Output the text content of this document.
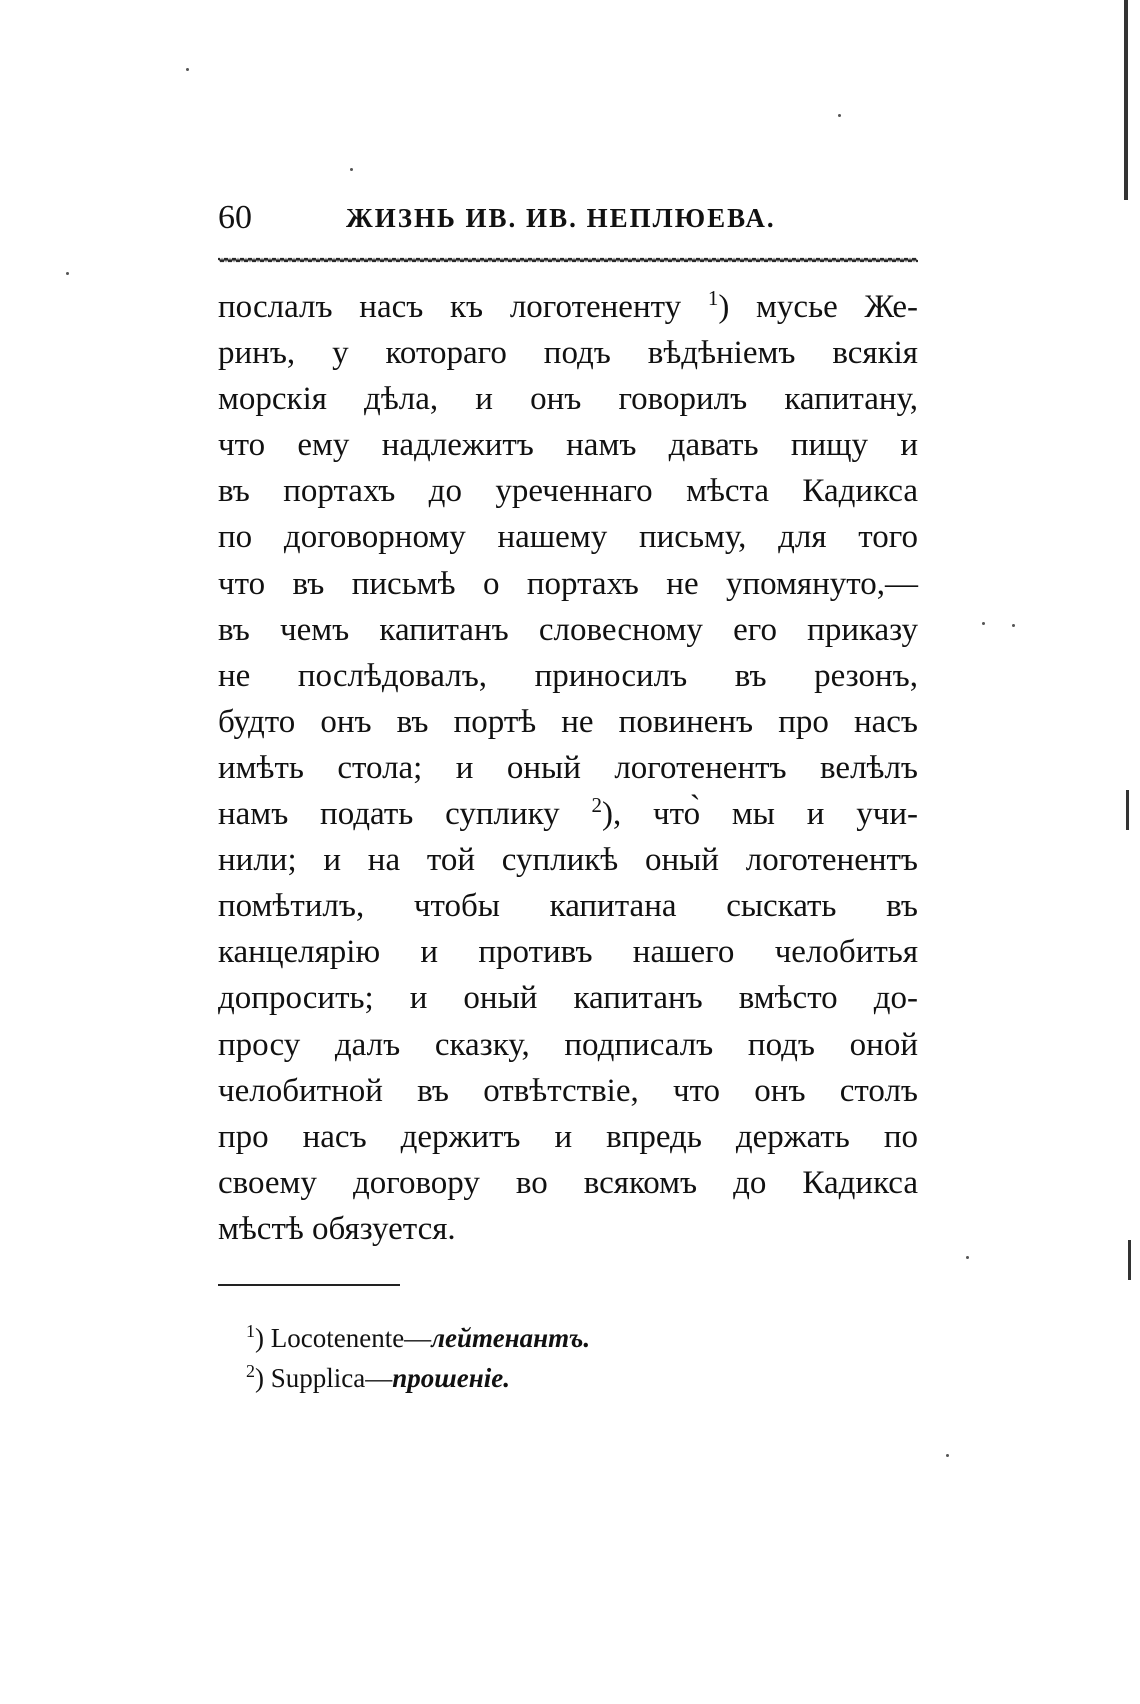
60	ЖИЗНЬ ИВ. ИВ. НЕПЛЮЕВА.
послалъ насъ къ логотененту $^1$) мусье Же-
ринъ, у котораго подъ вѣдѣніемъ всякія
морскія дѣла, и онъ говорилъ капитану,
что ему надлежитъ намъ давать пищу и
въ портахъ до уреченнаго мѣста Кадикса
по договорному нашему письму, для того
что въ письмѣ о портахъ не упомянуто,—
въ чемъ капитанъ словесному его приказу
не послѣдовалъ, приносилъ въ резонъ,
будто онъ въ портѣ не повиненъ про насъ
имѣть стола; и оный логотенентъ велѣлъ
намъ подать суплику $^2$), что̀ мы и учи-
нили; и на той супликѣ оный логотенентъ
помѣтилъ, чтобы капитана сыскать въ
канцелярію и противъ нашего челобитья
допросить; и оный капитанъ вмѣсто до-
просу далъ сказку, подписалъ подъ оной
челобитной въ отвѣтствіе, что онъ столъ
про насъ держитъ и впредь держать по
своему договору во всякомъ до Кадикса
мѣстѣ обязуется.
$^1$) Locotenente—лейтенантъ.
$^2$) Supplica—прошеніе.
